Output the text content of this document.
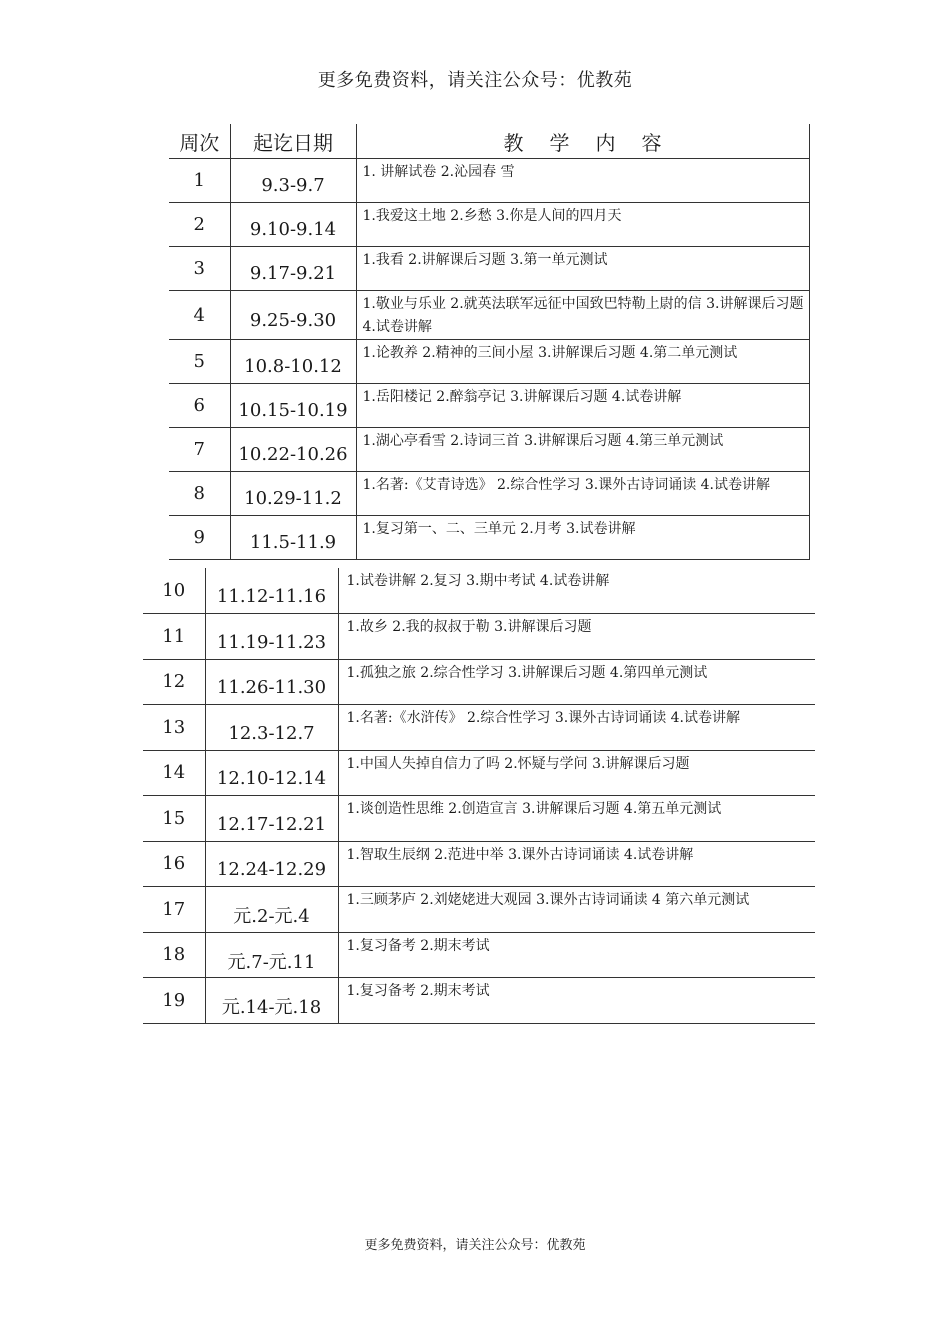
更多免费资料，请关注公众号：优教苑
周次	起讫日期	教学内容
1	9.3-9.7	1. 讲解试卷 2.沁园春 雪
2	9.10-9.14	1.我爱这土地 2.乡愁 3.你是人间的四月天
3	9.17-9.21	1.我看 2.讲解课后习题 3.第一单元测试
4	9.25-9.30	1.敬业与乐业 2.就英法联军远征中国致巴特勒上尉的信 3.讲解课后习题 4.试卷讲解
5	10.8-10.12	1.论教养 2.精神的三间小屋 3.讲解课后习题 4.第二单元测试
6	10.15-10.19	1.岳阳楼记 2.醉翁亭记 3.讲解课后习题 4.试卷讲解
7	10.22-10.26	1.湖心亭看雪 2.诗词三首 3.讲解课后习题 4.第三单元测试
8	10.29-11.2	1.名著:《艾青诗选》 2.综合性学习 3.课外古诗词诵读 4.试卷讲解
9	11.5-11.9	1.复习第一、二、三单元 2.月考 3.试卷讲解
10	11.12-11.16	1.试卷讲解 2.复习 3.期中考试 4.试卷讲解
11	11.19-11.23	1.故乡 2.我的叔叔于勒 3.讲解课后习题
12	11.26-11.30	1.孤独之旅 2.综合性学习 3.讲解课后习题 4.第四单元测试
13	12.3-12.7	1.名著:《水浒传》 2.综合性学习 3.课外古诗词诵读 4.试卷讲解
14	12.10-12.14	1.中国人失掉自信力了吗 2.怀疑与学问 3.讲解课后习题
15	12.17-12.21	1.谈创造性思维 2.创造宣言 3.讲解课后习题 4.第五单元测试
16	12.24-12.29	1.智取生辰纲 2.范进中举 3.课外古诗词诵读 4.试卷讲解
17	元.2-元.4	1.三顾茅庐 2.刘姥姥进大观园 3.课外古诗词诵读 4 第六单元测试
18	元.7-元.11	1.复习备考 2.期末考试
19	元.14-元.18	1.复习备考 2.期末考试
更多免费资料，请关注公众号：优教苑
